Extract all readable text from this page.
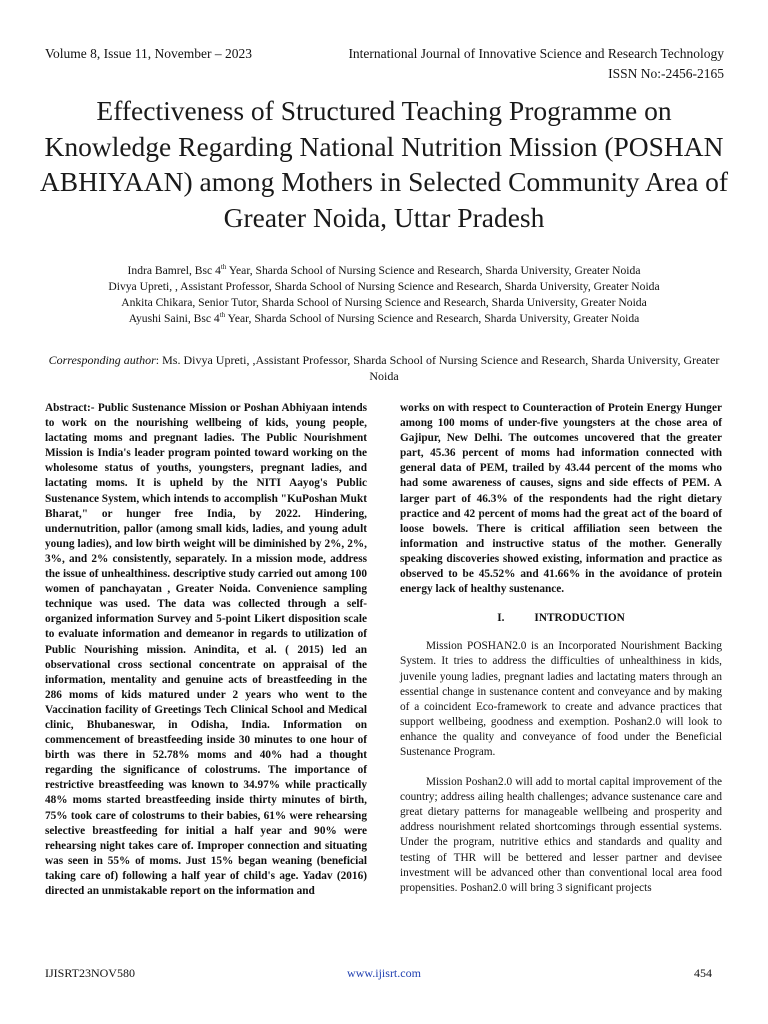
Volume 8, Issue 11, November – 2023	International Journal of Innovative Science and Research Technology
ISSN No:-2456-2165
Effectiveness of Structured Teaching Programme on Knowledge Regarding National Nutrition Mission (POSHAN ABHIYAAN) among Mothers in Selected Community Area of Greater Noida, Uttar Pradesh
Indra Bamrel, Bsc 4th Year, Sharda School of Nursing Science and Research, Sharda University, Greater Noida
Divya Upreti, , Assistant Professor, Sharda School of Nursing Science and Research, Sharda University, Greater Noida
Ankita Chikara, Senior Tutor, Sharda School of Nursing Science and Research, Sharda University, Greater Noida
Ayushi Saini, Bsc 4th Year, Sharda School of Nursing Science and Research, Sharda University, Greater Noida
Corresponding author: Ms. Divya Upreti, ,Assistant Professor, Sharda School of Nursing Science and Research, Sharda University, Greater Noida

Abstract:- Public Sustenance Mission or Poshan Abhiyaan intends to work on the nourishing wellbeing of kids, young people, lactating moms and pregnant ladies. The Public Nourishment Mission is India's leader program pointed toward working on the wholesome status of youths, youngsters, pregnant ladies, and lactating moms. It is upheld by the NITI Aayog's Public Sustenance System, which intends to accomplish "KuPoshan Mukt Bharat," or hunger free India, by 2022. Hindering, undernutrition, pallor (among small kids, ladies, and young adult young ladies), and low birth weight will be diminished by 2%, 2%, 3%, and 2% consistently, separately. In a mission mode, address the issue of unhealthiness. descriptive study carried out among 100 women of panchayatan , Greater Noida. Convenience sampling technique was used. The data was collected through a self-organized information Survey and 5-point Likert disposition scale to evaluate information and demeanor in regards to utilization of Public Nourishing mission. Anindita, et al. ( 2015) led an observational cross sectional concentrate on appraisal of the information, mentality and genuine acts of breastfeeding in the 286 moms of kids matured under 2 years who went to the Vaccination facility of Greetings Tech Clinical School and Medical clinic, Bhubaneswar, in Odisha, India. Information on commencement of breastfeeding inside 30 minutes to one hour of birth was there in 52.78% moms and 40% had a thought regarding the significance of colostrums. The importance of restrictive breastfeeding was known to 34.97% while practically 48% moms started breastfeeding inside thirty minutes of birth, 75% took care of colostrums to their babies, 61% were rehearsing selective breastfeeding for initial a half year and 90% were rehearsing night takes care of. Improper connection and situating was seen in 55% of moms. Just 15% began weaning (beneficial taking care of) following a half year of child's age. Yadav (2016) directed an unmistakable report on the information and

works on with respect to Counteraction of Protein Energy Hunger among 100 moms of under-five youngsters at the chose area of Gajipur, New Delhi. The outcomes uncovered that the greater part, 45.36 percent of moms had information connected with general data of PEM, trailed by 43.44 percent of the moms who had some awareness of causes, signs and side effects of PEM. A larger part of 46.3% of the respondents had the right dietary practice and 42 percent of moms had the great act of the board of loose bowels. There is critical affiliation seen between the information and instructive status of the mother. Generally speaking discoveries showed existing, information and practice as observed to be 45.52% and 41.66% in the avoidance of protein energy lack of healthy sustenance.

I.	INTRODUCTION

Mission POSHAN2.0 is an Incorporated Nourishment Backing System. It tries to address the difficulties of unhealthiness in kids, juvenile young ladies, pregnant ladies and lactating maters through an essential change in sustenance content and conveyance and by making of a coincident Eco-framework to create and advance practices that support wellbeing, goodness and exemption. Poshan2.0 will look to enhance the quality and conveyance of food under the Beneficial Sustenance Program.

Mission Poshan2.0 will add to mortal capital improvement of the country; address ailing health challenges; advance sustenance care and great dietary patterns for manageable wellbeing and prosperity and address nourishment related shortcomings through essential systems. Under the program, nutritive ethics and standards and quality and testing of THR will be bettered and lesser partner and devisee investment will be advanced other than conventional local area food propensities. Poshan2.0 will bring 3 significant projects

IJISRT23NOV580	www.ijisrt.com	454
